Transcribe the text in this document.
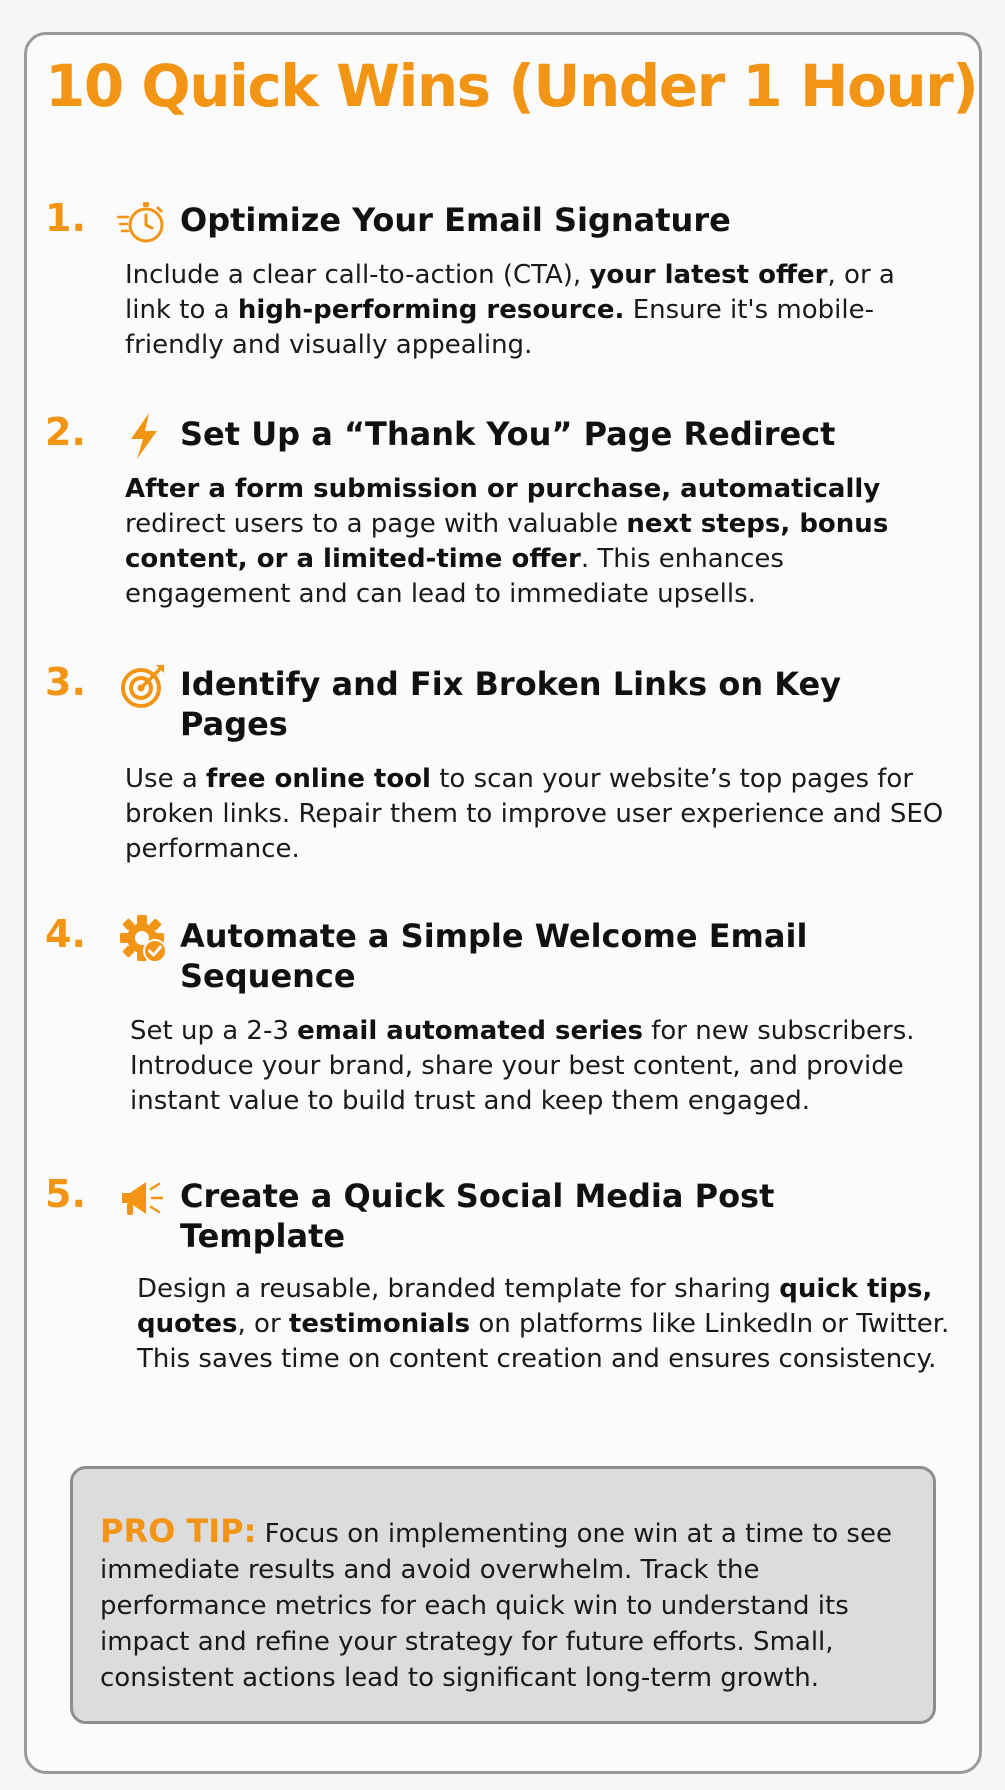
10 Quick Wins (Under 1 Hour)
1.	Optimize Your Email Signature

Include a clear call-to-action (CTA), your latest offer, or a link to a high-performing resource. Ensure it's mobile-friendly and visually appealing.

2.	Set Up a “Thank You” Page Redirect

After a form submission or purchase, automatically redirect users to a page with valuable next steps, bonus content, or a limited-time offer. This enhances engagement and can lead to immediate upsells.

3.	Identify and Fix Broken Links on Key Pages

Use a free online tool to scan your website’s top pages for broken links. Repair them to improve user experience and SEO performance.

4.	Automate a Simple Welcome Email Sequence

Set up a 2-3 email automated series for new subscribers. Introduce your brand, share your best content, and provide instant value to build trust and keep them engaged.

5.	Create a Quick Social Media Post Template

Design a reusable, branded template for sharing quick tips, quotes, or testimonials on platforms like LinkedIn or Twitter. This saves time on content creation and ensures consistency.

PRO TIP: Focus on implementing one win at a time to see immediate results and avoid overwhelm. Track the performance metrics for each quick win to understand its impact and refine your strategy for future efforts. Small, consistent actions lead to significant long-term growth.
